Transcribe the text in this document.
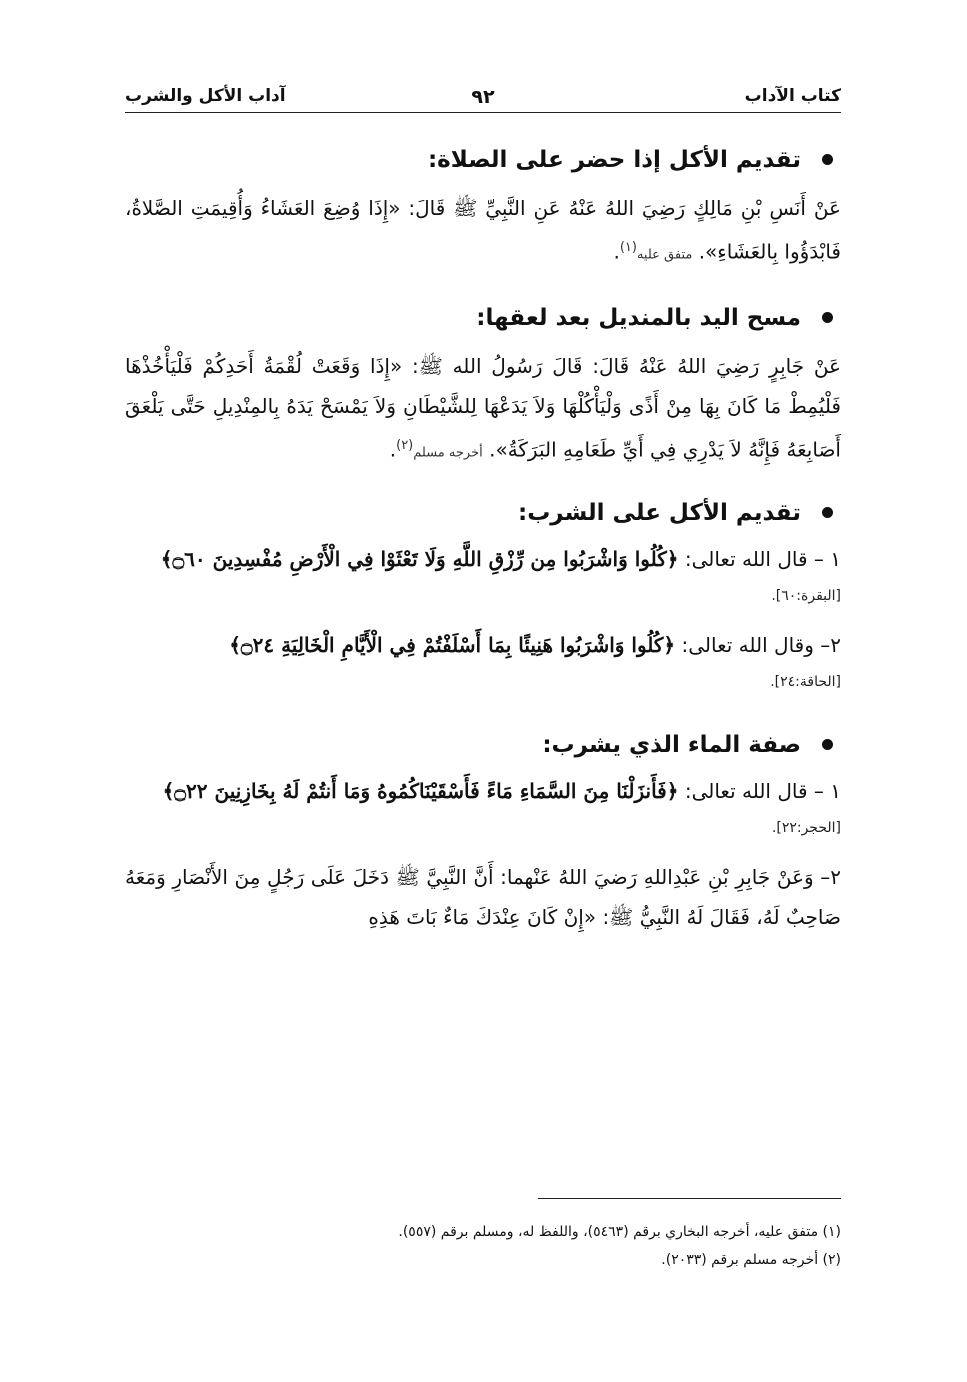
كتاب الآداب
٩٢
آداب الأكل والشرب
تقديم الأكل إذا حضر على الصلاة:

عَنْ أَنَسِ بْنِ مَالِكٍ رَضِيَ اللهُ عَنْهُ عَنِ النَّبِيِّ ﷺ قَالَ: «إِذَا وُضِعَ العَشَاءُ وَأُقِيمَتِ الصَّلاةُ، فَابْدَؤُوا بِالعَشَاءِ». متفق عليه$^{(١)}$.

مسح اليد بالمنديل بعد لعقها:

عَنْ جَابِرٍ رَضِيَ اللهُ عَنْهُ قَالَ: قَالَ رَسُولُ الله ﷺ: «إِذَا وَقَعَتْ لُقْمَةُ أَحَدِكُمْ فَلْيَأْخُذْهَا فَلْيُمِطْ مَا كَانَ بِهَا مِنْ أَذًى وَلْيَأْكُلْهَا وَلاَ يَدَعْهَا لِلشَّيْطَانِ وَلاَ يَمْسَحْ يَدَهُ بِالمِنْدِيلِ حَتَّى يَلْعَقَ أَصَابِعَهُ فَإِنَّهُ لاَ يَدْرِي فِي أَيِّ طَعَامِهِ البَرَكَةُ». أخرجه مسلم$^{(٢)}$.

تقديم الأكل على الشرب:

١ – قال الله تعالى: ﴿كُلُوا وَاشْرَبُوا مِن رِّزْقِ اللَّهِ وَلَا تَعْثَوْا فِي الْأَرْضِ مُفْسِدِينَ ۝٦٠﴾

[البقرة:٦٠].

٢– وقال الله تعالى: ﴿كُلُوا وَاشْرَبُوا هَنِيئًا بِمَا أَسْلَفْتُمْ فِي الْأَيَّامِ الْخَالِيَةِ ۝٢٤﴾

[الحاقة:٢٤].

صفة الماء الذي يشرب:

١ – قال الله تعالى: ﴿فَأَنزَلْنَا مِنَ السَّمَاءِ مَاءً فَأَسْقَيْنَاكُمُوهُ وَمَا أَنتُمْ لَهُ بِخَازِنِينَ ۝٢٢﴾

[الحجر:٢٢].

٢– وَعَنْ جَابِرِ بْنِ عَبْدِاللهِ رَضيَ اللهُ عَنْهما: أَنَّ النَّبِيَّ ﷺ دَخَلَ عَلَى رَجُلٍ مِنَ الأَنْصَارِ وَمَعَهُ صَاحِبٌ لَهُ، فَقَالَ لَهُ النَّبِيُّ ﷺ: «إِنْ كَانَ عِنْدَكَ مَاءٌ بَاتَ هَذِهِ

(١) متفق عليه، أخرجه البخاري برقم (٥٤٦٣)، واللفظ له، ومسلم برقم (٥٥٧).

(٢) أخرجه مسلم برقم (٢٠٣٣).
